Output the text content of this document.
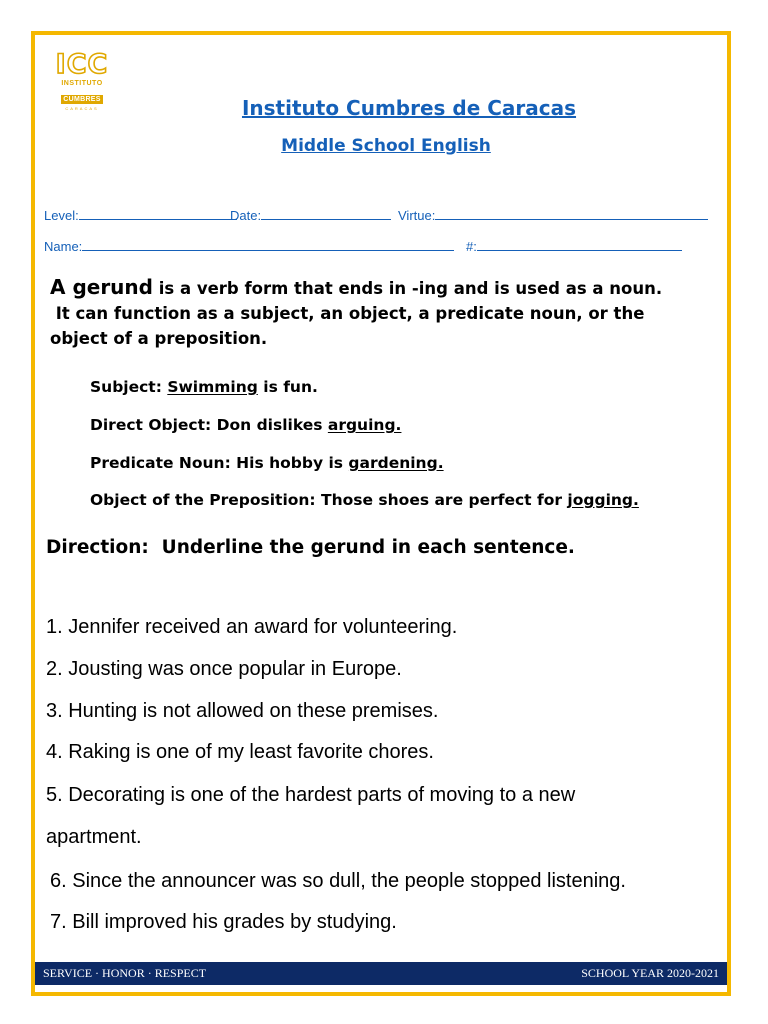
ICC
INSTITUTO
CUMBRES
CARACAS	Instituto Cumbres de Caracas
Middle School English
Level:	Date:	Virtue:
Name:	#:
A gerund is a verb form that ends in -ing and is used as a noun.
It can function as a subject, an object, a predicate noun, or the
object of a preposition.
Subject: Swimming is fun.
Direct Object: Don dislikes arguing.
Predicate Noun: His hobby is gardening.
Object of the Preposition: Those shoes are perfect for jogging.
Direction:  Underline the gerund in each sentence.
1. Jennifer received an award for volunteering.
2. Jousting was once popular in Europe.
3. Hunting is not allowed on these premises.
4. Raking is one of my least favorite chores.
5. Decorating is one of the hardest parts of moving to a new
apartment.
6. Since the announcer was so dull, the people stopped listening.
7. Bill improved his grades by studying.
SERVICE · HONOR · RESPECT	SCHOOL YEAR 2020-2021
